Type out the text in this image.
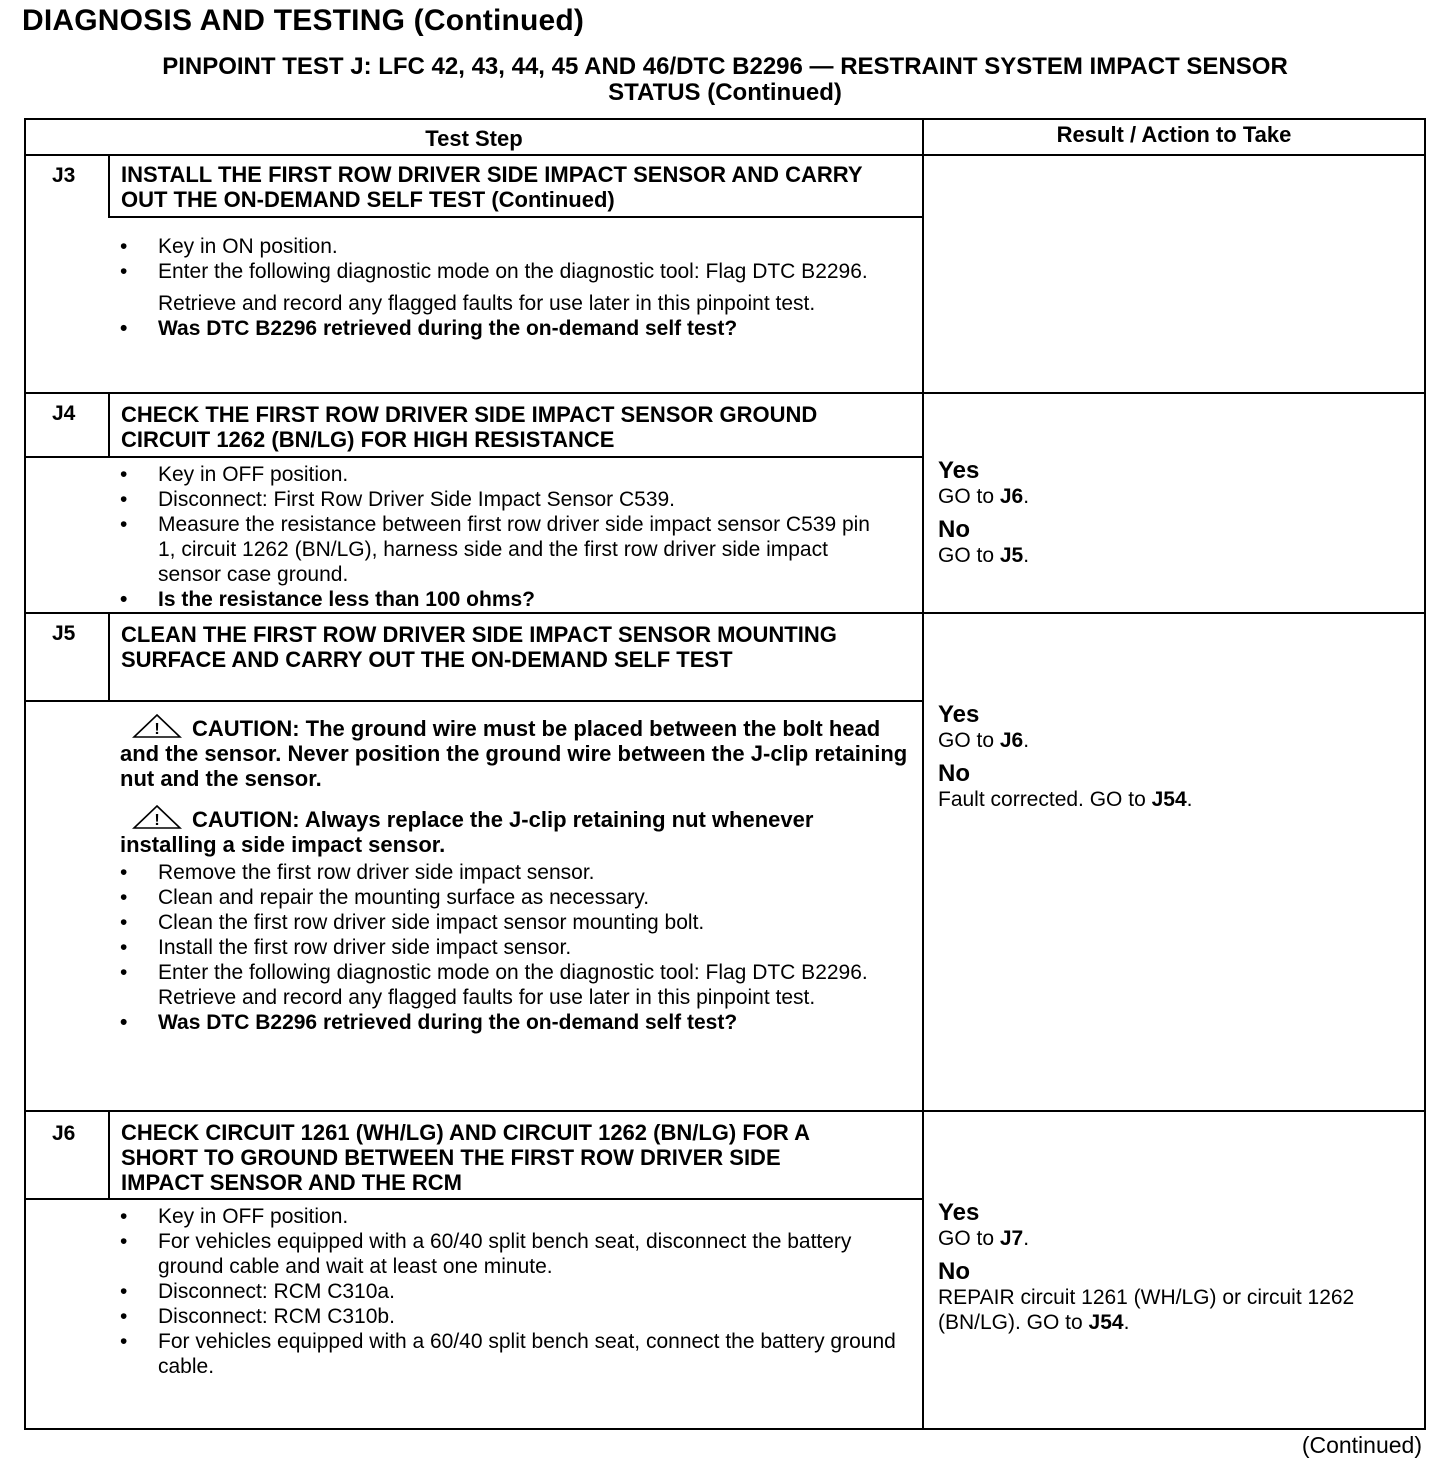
DIAGNOSIS AND TESTING (Continued)
PINPOINT TEST J: LFC 42, 43, 44, 45 AND 46/DTC B2296 — RESTRAINT SYSTEM IMPACT SENSOR
STATUS (Continued)
Test Step	Result / Action to Take
J3 INSTALL THE FIRST ROW DRIVER SIDE IMPACT SENSOR AND CARRY OUT THE ON-DEMAND SELF TEST (Continued)
• Key in ON position.
• Enter the following diagnostic mode on the diagnostic tool: Flag DTC B2296.
Retrieve and record any flagged faults for use later in this pinpoint test.
• Was DTC B2296 retrieved during the on-demand self test?
J4 CHECK THE FIRST ROW DRIVER SIDE IMPACT SENSOR GROUND CIRCUIT 1262 (BN/LG) FOR HIGH RESISTANCE
• Key in OFF position.
• Disconnect: First Row Driver Side Impact Sensor C539.
• Measure the resistance between first row driver side impact sensor C539 pin 1, circuit 1262 (BN/LG), harness side and the first row driver side impact sensor case ground.
• Is the resistance less than 100 ohms?
Yes
GO to J6.
No
GO to J5.
J5 CLEAN THE FIRST ROW DRIVER SIDE IMPACT SENSOR MOUNTING SURFACE AND CARRY OUT THE ON-DEMAND SELF TEST
! CAUTION: The ground wire must be placed between the bolt head and the sensor. Never position the ground wire between the J-clip retaining nut and the sensor.
! CAUTION: Always replace the J-clip retaining nut whenever installing a side impact sensor.
• Remove the first row driver side impact sensor.
• Clean and repair the mounting surface as necessary.
• Clean the first row driver side impact sensor mounting bolt.
• Install the first row driver side impact sensor.
• Enter the following diagnostic mode on the diagnostic tool: Flag DTC B2296.
Retrieve and record any flagged faults for use later in this pinpoint test.
• Was DTC B2296 retrieved during the on-demand self test?
Yes
GO to J6.
No
Fault corrected. GO to J54.
J6 CHECK CIRCUIT 1261 (WH/LG) AND CIRCUIT 1262 (BN/LG) FOR A SHORT TO GROUND BETWEEN THE FIRST ROW DRIVER SIDE IMPACT SENSOR AND THE RCM
• Key in OFF position.
• For vehicles equipped with a 60/40 split bench seat, disconnect the battery ground cable and wait at least one minute.
• Disconnect: RCM C310a.
• Disconnect: RCM C310b.
• For vehicles equipped with a 60/40 split bench seat, connect the battery ground cable.
Yes
GO to J7.
No
REPAIR circuit 1261 (WH/LG) or circuit 1262 (BN/LG). GO to J54.
(Continued)
